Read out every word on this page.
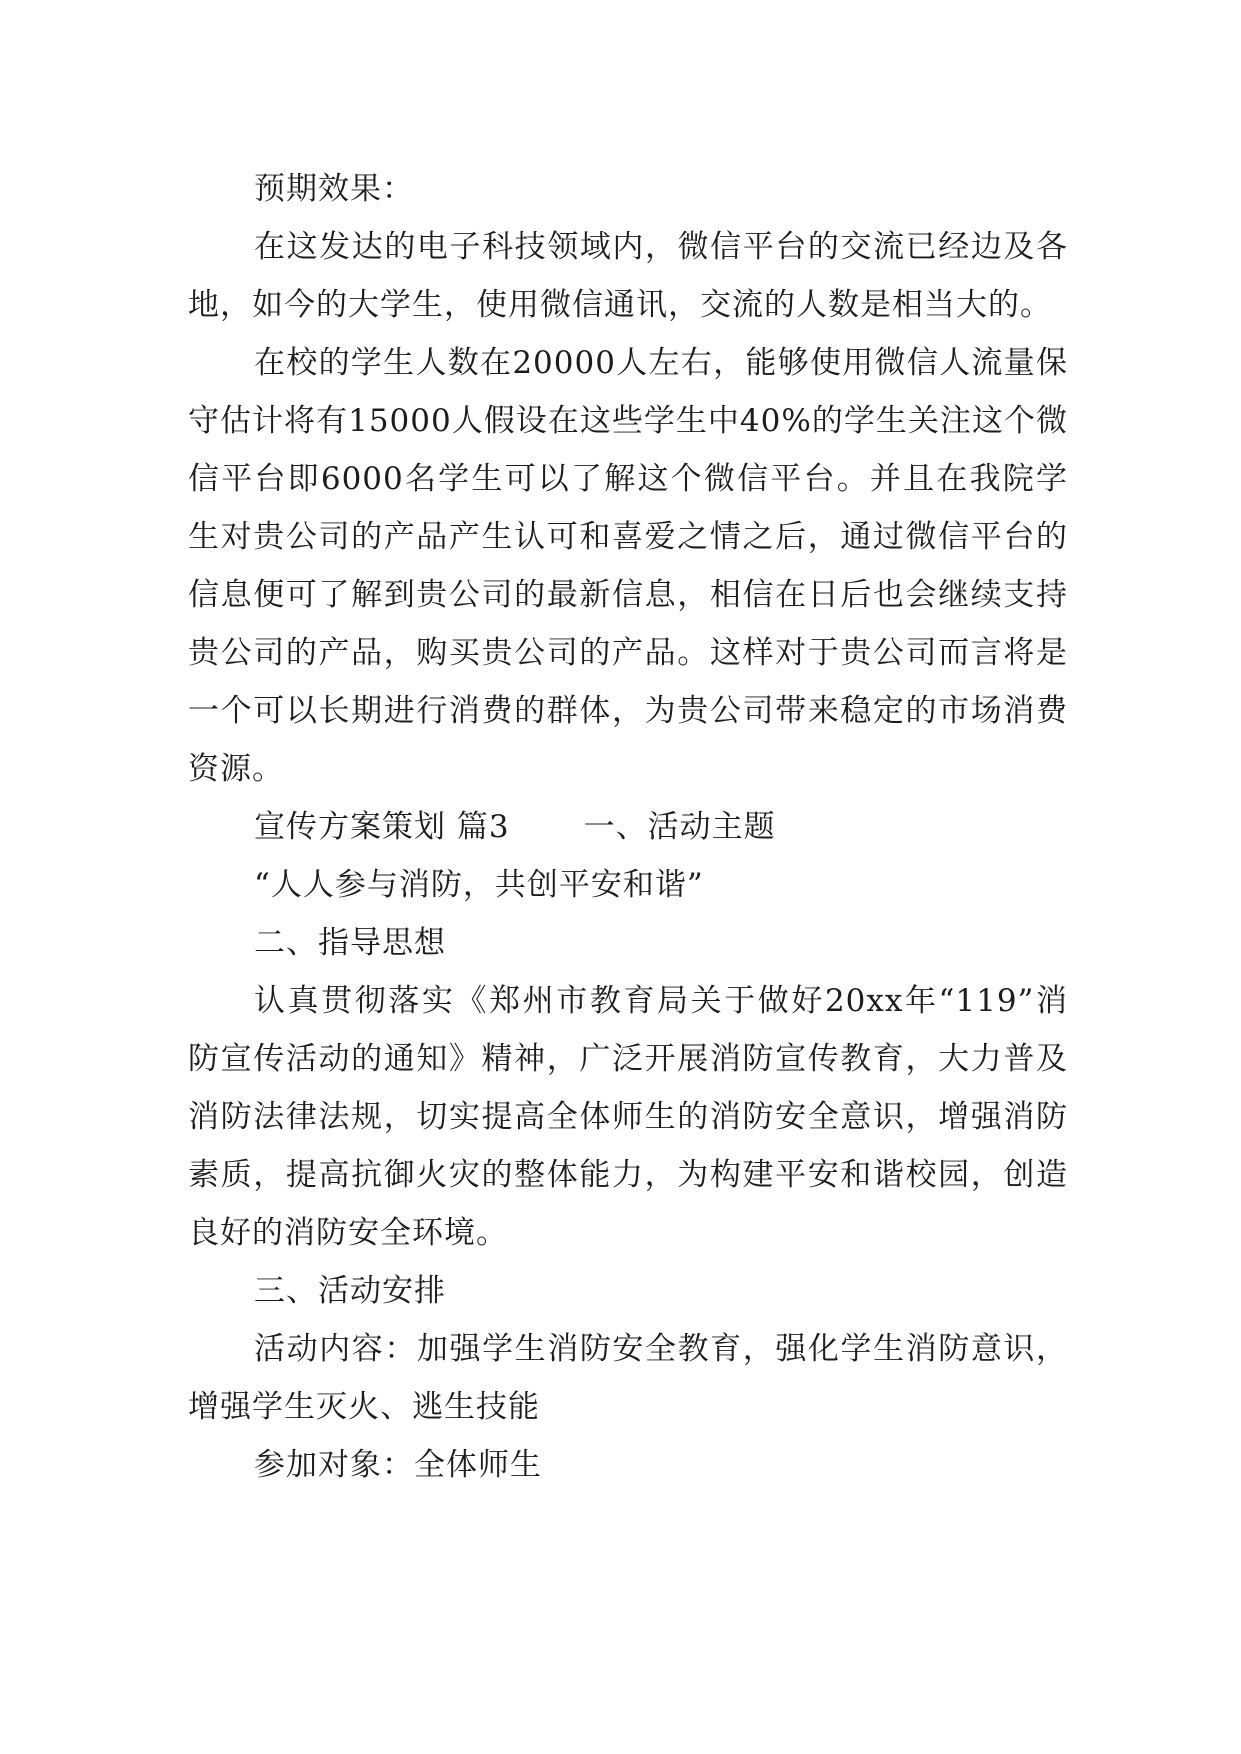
预期效果：

在这发达的电子科技领域内，微信平台的交流已经边及各地，如今的大学生，使用微信通讯，交流的人数是相当大的。

在校的学生人数在20000人左右，能够使用微信人流量保守估计将有15000人假设在这些学生中40%的学生关注这个微信平台即6000名学生可以了解这个微信平台。并且在我院学生对贵公司的产品产生认可和喜爱之情之后，通过微信平台的信息便可了解到贵公司的最新信息，相信在日后也会继续支持贵公司的产品，购买贵公司的产品。这样对于贵公司而言将是一个可以长期进行消费的群体，为贵公司带来稳定的市场消费资源。

宣传方案策划 篇3 一、活动主题

“人人参与消防，共创平安和谐”

二、指导思想

认真贯彻落实《郑州市教育局关于做好20xx年“119”消防宣传活动的通知》精神，广泛开展消防宣传教育，大力普及消防法律法规，切实提高全体师生的消防安全意识，增强消防素质，提高抗御火灾的整体能力，为构建平安和谐校园，创造良好的消防安全环境。

三、活动安排

活动内容：加强学生消防安全教育，强化学生消防意识，增强学生灭火、逃生技能

参加对象：全体师生
